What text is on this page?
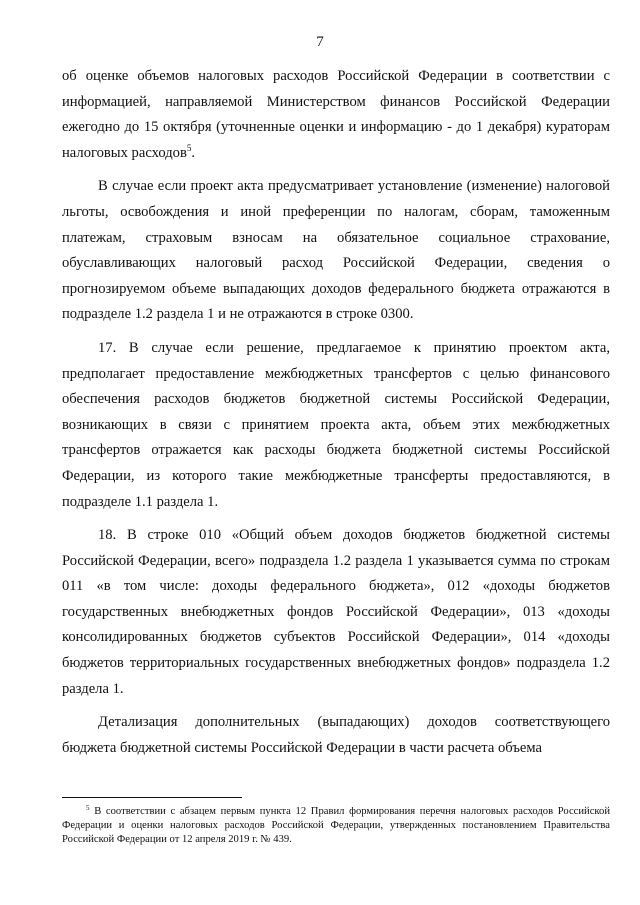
7

об оценке объемов налоговых расходов Российской Федерации в соответствии с информацией, направляемой Министерством финансов Российской Федерации ежегодно до 15 октября (уточненные оценки и информацию - до 1 декабря) кураторам налоговых расходов$^5$.

В случае если проект акта предусматривает установление (изменение) налоговой льготы, освобождения и иной преференции по налогам, сборам, таможенным платежам, страховым взносам на обязательное социальное страхование, обуславливающих налоговый расход Российской Федерации, сведения о прогнозируемом объеме выпадающих доходов федерального бюджета отражаются в подразделе 1.2 раздела 1 и не отражаются в строке 0300.

17. В случае если решение, предлагаемое к принятию проектом акта, предполагает предоставление межбюджетных трансфертов с целью финансового обеспечения расходов бюджетов бюджетной системы Российской Федерации, возникающих в связи с принятием проекта акта, объем этих межбюджетных трансфертов отражается как расходы бюджета бюджетной системы Российской Федерации, из которого такие межбюджетные трансферты предоставляются, в подразделе 1.1 раздела 1.

18. В строке 010 «Общий объем доходов бюджетов бюджетной системы Российской Федерации, всего» подраздела 1.2 раздела 1 указывается сумма по строкам 011 «в том числе: доходы федерального бюджета», 012 «доходы бюджетов государственных внебюджетных фондов Российской Федерации», 013 «доходы консолидированных бюджетов субъектов Российской Федерации», 014 «доходы бюджетов территориальных государственных внебюджетных фондов» подраздела 1.2 раздела 1.

Детализация дополнительных (выпадающих) доходов соответствующего бюджета бюджетной системы Российской Федерации в части расчета объема

$^5$ В соответствии с абзацем первым пункта 12 Правил формирования перечня налоговых расходов Российской Федерации и оценки налоговых расходов Российской Федерации, утвержденных постановлением Правительства Российской Федерации от 12 апреля 2019 г. № 439.
